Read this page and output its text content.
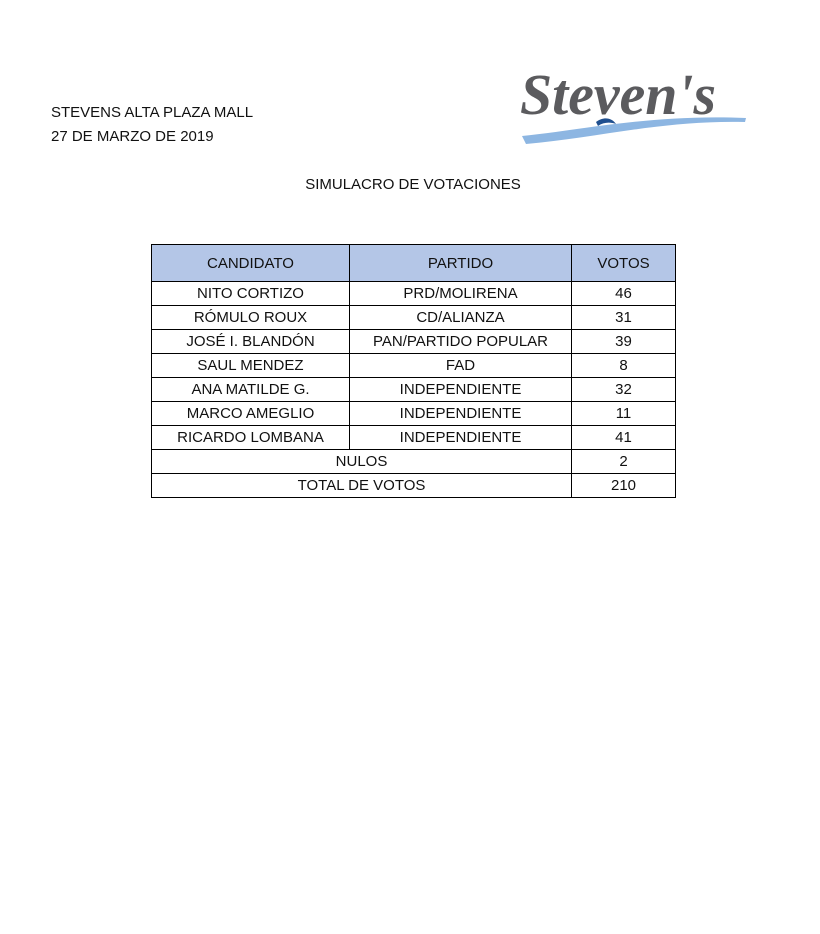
STEVENS ALTA PLAZA MALL
27 DE MARZO DE 2019
Steven's
SIMULACRO DE VOTACIONES
CANDIDATO	PARTIDO	VOTOS
NITO CORTIZO	PRD/MOLIRENA	46
RÓMULO ROUX	CD/ALIANZA	31
JOSÉ I. BLANDÓN	PAN/PARTIDO POPULAR	39
SAUL MENDEZ	FAD	8
ANA MATILDE G.	INDEPENDIENTE	32
MARCO AMEGLIO	INDEPENDIENTE	11
RICARDO LOMBANA	INDEPENDIENTE	41
NULOS		2
TOTAL DE VOTOS		210
